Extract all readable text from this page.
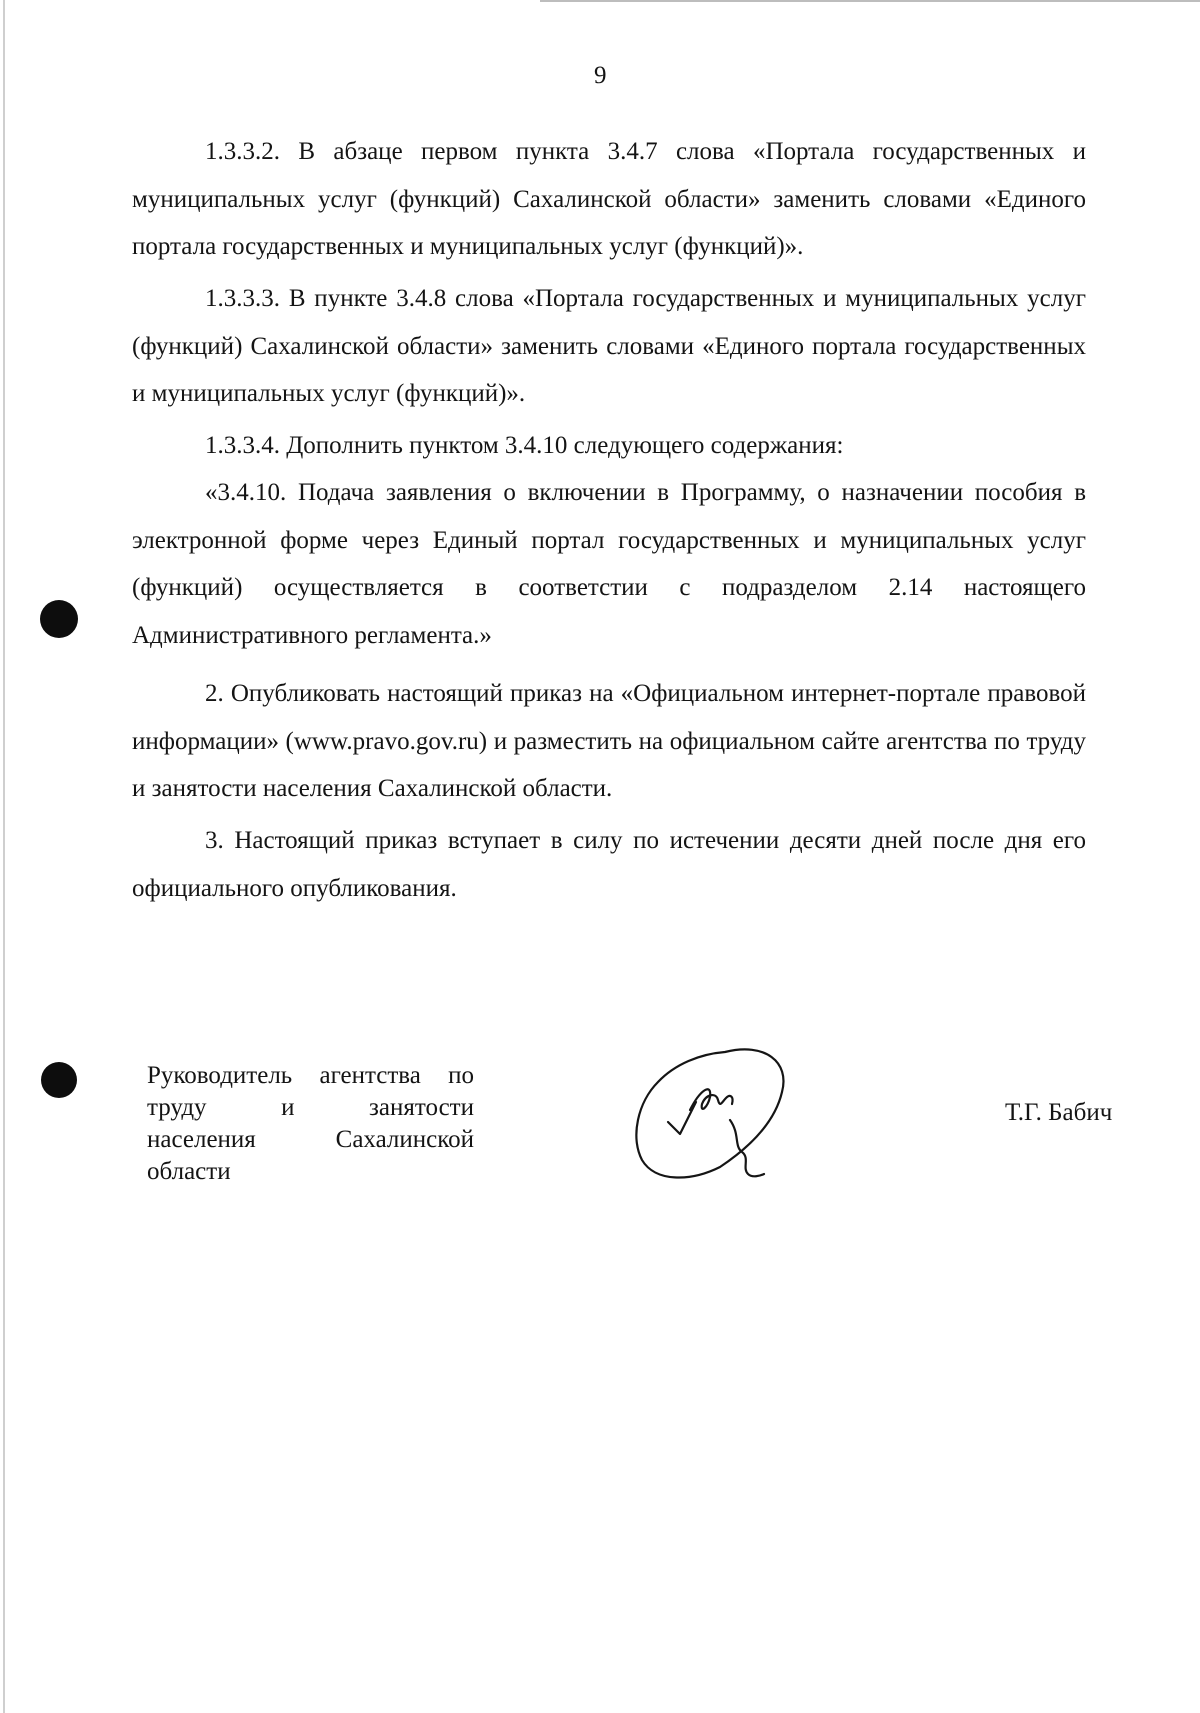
9

1.3.3.2. В абзаце первом пункта 3.4.7 слова «Портала государственных и муниципальных услуг (функций) Сахалинской области» заменить словами «Единого портала государственных и муниципальных услуг (функций)».

1.3.3.3. В пункте 3.4.8 слова «Портала государственных и муниципальных услуг (функций) Сахалинской области» заменить словами «Единого портала государственных и муниципальных услуг (функций)».

1.3.3.4. Дополнить пунктом 3.4.10 следующего содержания:

«3.4.10. Подача заявления о включении в Программу, о назначении пособия в электронной форме через Единый портал государственных и муниципальных услуг (функций) осуществляется в соответстии с подразделом 2.14 настоящего Административного регламента.»

2. Опубликовать настоящий приказ на «Официальном интернет-портале правовой информации» (www.pravo.gov.ru) и разместить на официальном сайте агентства по труду и занятости населения Сахалинской области.

3. Настоящий приказ вступает в силу по истечении десяти дней после дня его официального опубликования.

Руководитель агентства по
труду и занятости
населения Сахалинской
области
Т.Г. Бабич
